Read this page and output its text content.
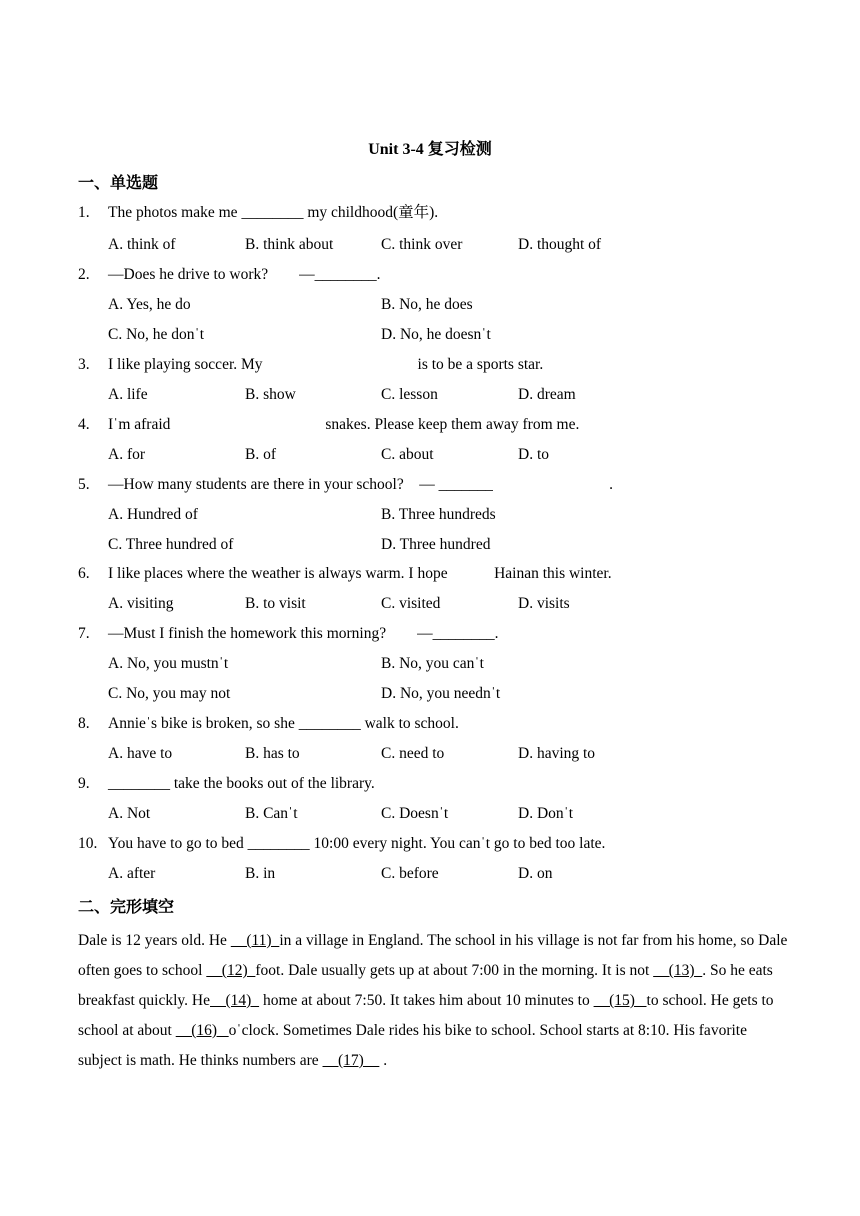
Unit 3-4 复习检测
一、单选题
1. The photos make me ________ my childhood(童年).
A. think of	B. think about	C. think over	D. thought of
2. —Does he drive to work?        —________.
A. Yes, he do	B. No, he does
C. No, he donˈt	D. No, he doesnˈt
3. I like playing soccer. My                                        is to be a sports star.
A. life	B. show	C. lesson	D. dream
4. Iˈm afraid                                        snakes. Please keep them away from me.
A. for	B. of	C. about	D. to
5. —How many students are there in your school?    — _______                              .
A. Hundred of	B. Three hundreds
C. Three hundred of	D. Three hundred
6. I like places where the weather is always warm. I hope            Hainan this winter.
A. visiting	B. to visit	C. visited	D. visits
7. —Must I finish the homework this morning?        —________.
A. No, you mustnˈt	B. No, you canˈt
C. No, you may not	D. No, you neednˈt
8. Annieˈs bike is broken, so she ________ walk to school.
A. have to	B. has to	C. need to	D. having to
9. ________ take the books out of the library.
A. Not	B. Canˈt	C. Doesnˈt	D. Donˈt
10. You have to go to bed ________ 10:00 every night. You canˈt go to bed too late.
A. after	B. in	C. before	D. on
二、完形填空
Dale is 12 years old. He     (11)  in a village in England. The school in his village is not far from his home, so Dale often goes to school     (12)  foot. Dale usually gets up at about 7:00 in the morning. It is not     (13)  . So he eats breakfast quickly. He    (14)   home at about 7:50. It takes him about 10 minutes to     (15)   to school. He gets to school at about     (16)   oˈclock. Sometimes Dale rides his bike to school. School starts at 8:10. His favorite subject is math. He thinks numbers are     (17)     .
